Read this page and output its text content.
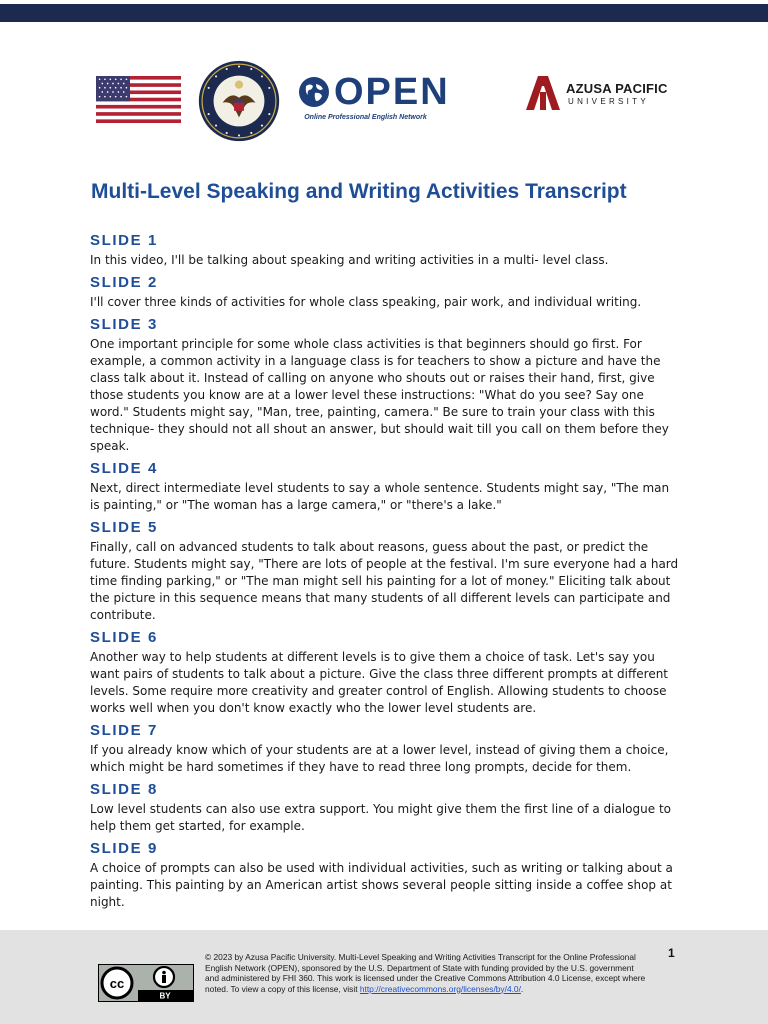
OPEN
Online Professional English Network
AZUSA PACIFIC
UNIVERSITY
Multi-Level Speaking and Writing Activities Transcript
SLIDE 1

In this video, I'll be talking about speaking and writing activities in a multi- level class.

SLIDE 2

I'll cover three kinds of activities for whole class speaking, pair work, and individual writing.

SLIDE 3

One important principle for some whole class activities is that beginners should go first. For example, a common activity in a language class is for teachers to show a picture and have the class talk about it. Instead of calling on anyone who shouts out or raises their hand, first, give those students you know are at a lower level these instructions: "What do you see? Say one word." Students might say, "Man, tree, painting, camera." Be sure to train your class with this technique- they should not all shout an answer, but should wait till you call on them before they speak.

SLIDE 4

Next, direct intermediate level students to say a whole sentence. Students might say, "The man is painting," or "The woman has a large camera," or "there's a lake."

SLIDE 5

Finally, call on advanced students to talk about reasons, guess about the past, or predict the future. Students might say, "There are lots of people at the festival. I'm sure everyone had a hard time finding parking," or "The man might sell his painting for a lot of money." Eliciting talk about the picture in this sequence means that many students of all different levels can participate and contribute.

SLIDE 6

Another way to help students at different levels is to give them a choice of task. Let's say you want pairs of students to talk about a picture. Give the class three different prompts at different levels. Some require more creativity and greater control of English. Allowing students to choose works well when you don't know exactly who the lower level students are.

SLIDE 7

If you already know which of your students are at a lower level, instead of giving them a choice, which might be hard sometimes if they have to read three long prompts, decide for them.

SLIDE 8

Low level students can also use extra support. You might give them the first line of a dialogue to help them get started, for example.

SLIDE 9

A choice of prompts can also be used with individual activities, such as writing or talking about a painting. This painting by an American artist shows several people sitting inside a coffee shop at night.

cc
BY
© 2023 by Azusa Pacific University. Multi-Level Speaking and Writing Activities Transcript for the Online Professional English Network (OPEN), sponsored by the U.S. Department of State with funding provided by the U.S. government and administered by FHI 360. This work is licensed under the Creative Commons Attribution 4.0 License, except where noted. To view a copy of this license, visit http://creativecommons.org/licenses/by/4.0/.
1
